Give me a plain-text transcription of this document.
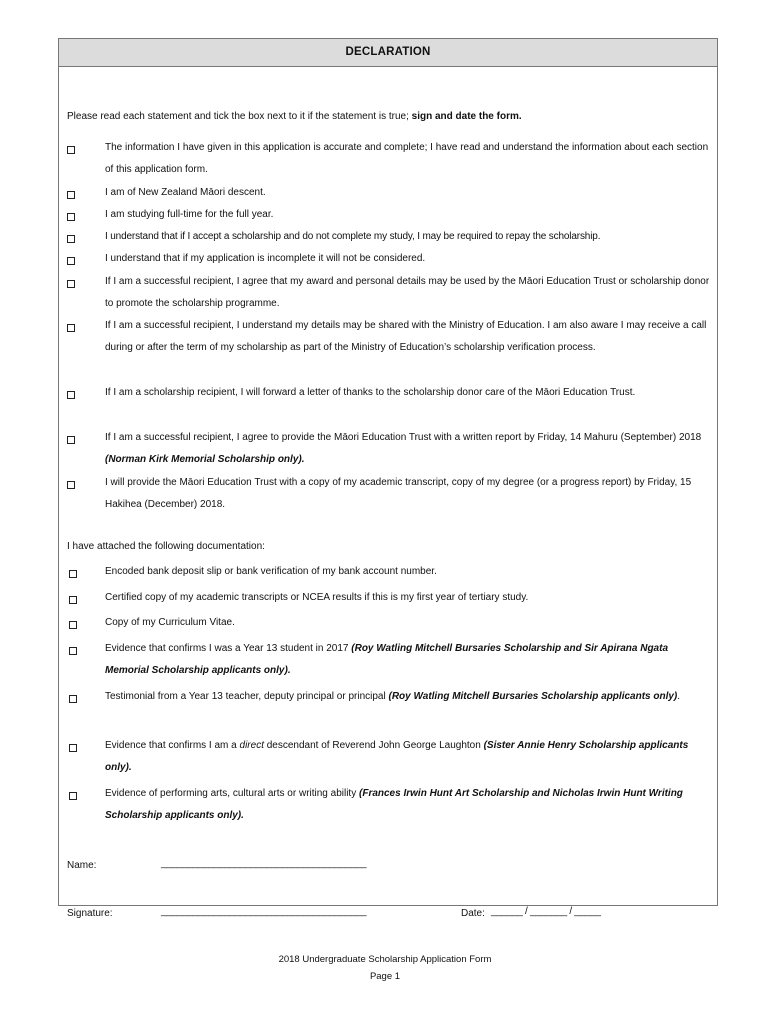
DECLARATION
Please read each statement and tick the box next to it if the statement is true; sign and date the form.
The information I have given in this application is accurate and complete; I have read and understand the information about each section of this application form.
I am of New Zealand Māori descent.
I am studying full-time for the full year.
I understand that if I accept a scholarship and do not complete my study, I may be required to repay the scholarship.
I understand that if my application is incomplete it will not be considered.
If I am a successful recipient, I agree that my award and personal details may be used by the Māori Education Trust or scholarship donor to promote the scholarship programme.
If I am a successful recipient, I understand my details may be shared with the Ministry of Education. I am also aware I may receive a call during or after the term of my scholarship as part of the Ministry of Education’s scholarship verification process.
If I am a scholarship recipient, I will forward a letter of thanks to the scholarship donor care of the Māori Education Trust.
If I am a successful recipient, I agree to provide the Māori Education Trust with a written report by Friday, 14 Mahuru (September) 2018 (Norman Kirk Memorial Scholarship only).
I will provide the Māori Education Trust with a copy of my academic transcript, copy of my degree (or a progress report) by Friday, 15 Hakihea (December) 2018.
I have attached the following documentation:
Encoded bank deposit slip or bank verification of my bank account number.
Certified copy of my academic transcripts or NCEA results if this is my first year of tertiary study.
Copy of my Curriculum Vitae.
Evidence that confirms I was a Year 13 student in 2017 (Roy Watling Mitchell Bursaries Scholarship and Sir Apirana Ngata Memorial Scholarship applicants only).
Testimonial from a Year 13 teacher, deputy principal or principal (Roy Watling Mitchell Bursaries Scholarship applicants only).
Evidence that confirms I am a direct descendant of Reverend John George Laughton (Sister Annie Henry Scholarship applicants only).
Evidence of performing arts, cultural arts or writing ability (Frances Irwin Hunt Art Scholarship and Nicholas Irwin Hunt Writing Scholarship applicants only).
Name:	_______________________________________
Signature:	_______________________________________	Date: ______ / _______ / _____
2018 Undergraduate Scholarship Application Form
Page 1
